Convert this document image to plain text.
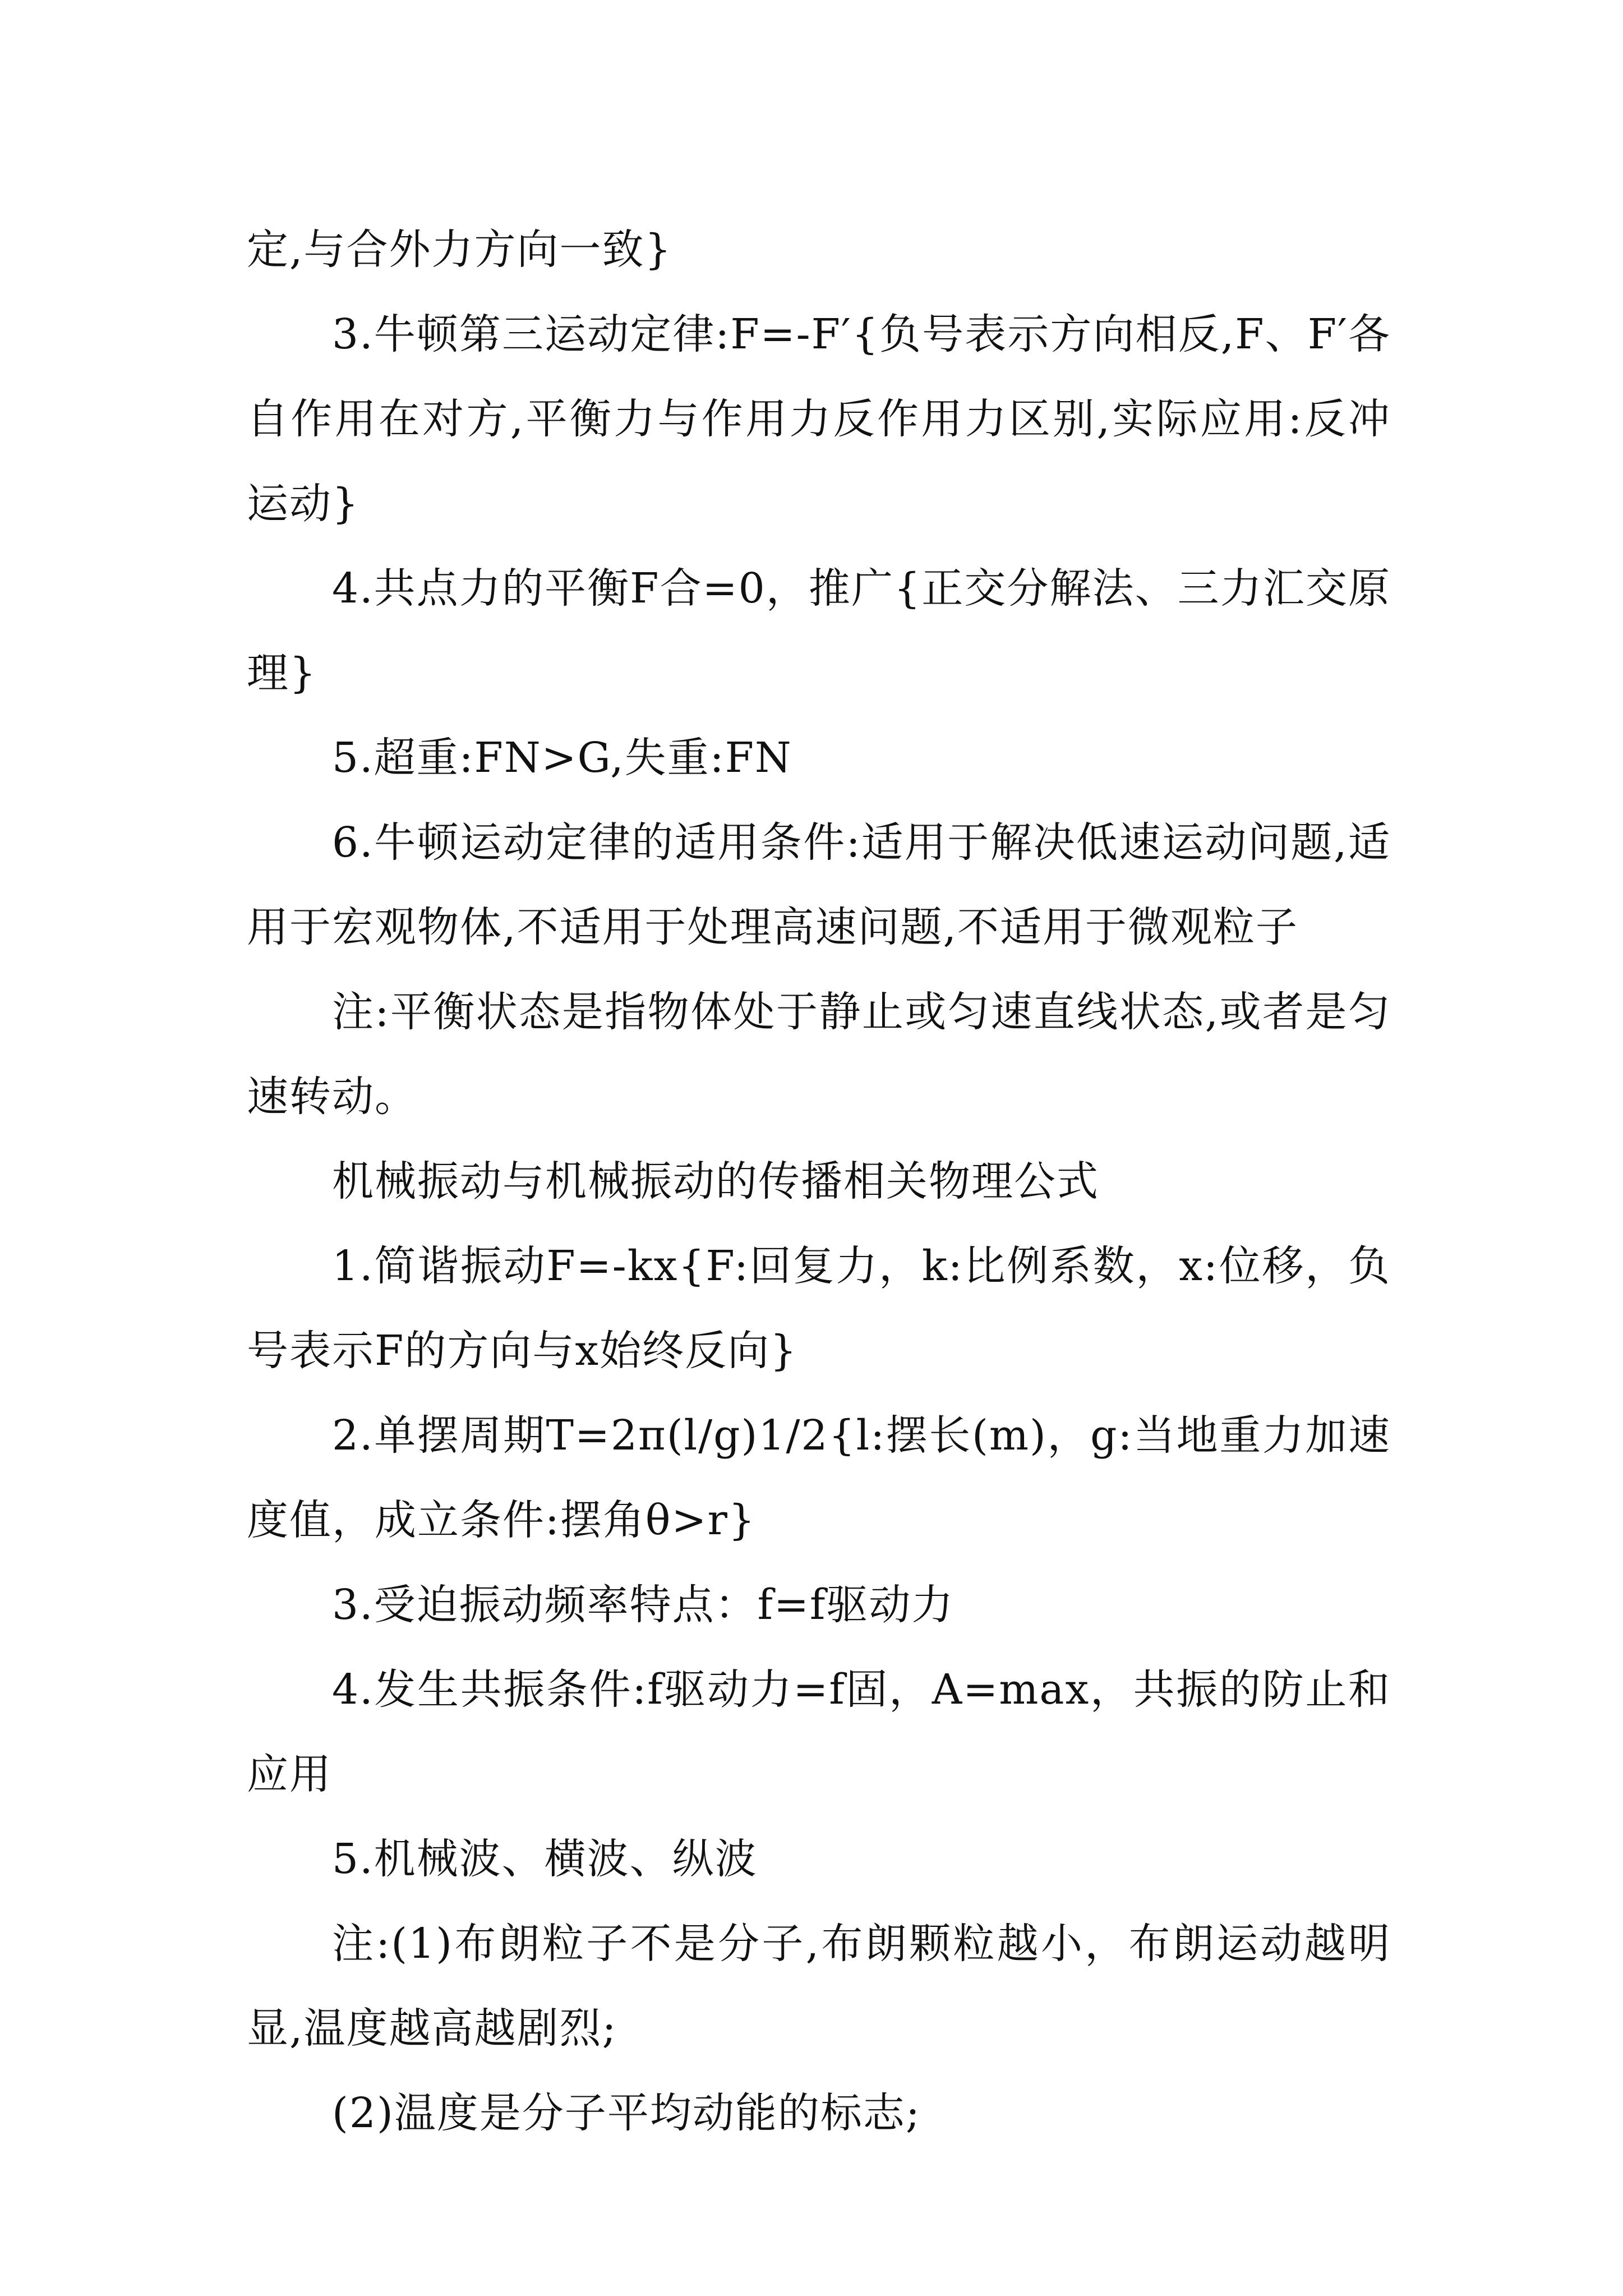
定,与合外力方向一致}

3.牛顿第三运动定律:F=-F′{负号表示方向相反,F、F′各自作用在对方,平衡力与作用力反作用力区别,实际应用:反冲运动}

4.共点力的平衡F合=0，推广{正交分解法、三力汇交原理}

5.超重:FN>G,失重:FN

6.牛顿运动定律的适用条件:适用于解决低速运动问题,适用于宏观物体,不适用于处理高速问题,不适用于微观粒子

注:平衡状态是指物体处于静止或匀速直线状态,或者是匀速转动。

机械振动与机械振动的传播相关物理公式

1.简谐振动F=-kx{F:回复力，k:比例系数，x:位移，负号表示F的方向与x始终反向}

2.单摆周期T=2π(l/g)1/2{l:摆长(m)，g:当地重力加速度值，成立条件:摆角θ>r}

3.受迫振动频率特点：f=f驱动力

4.发生共振条件:f驱动力=f固，A=max，共振的防止和应用

5.机械波、横波、纵波

注:(1)布朗粒子不是分子,布朗颗粒越小，布朗运动越明显,温度越高越剧烈;

(2)温度是分子平均动能的标志;
